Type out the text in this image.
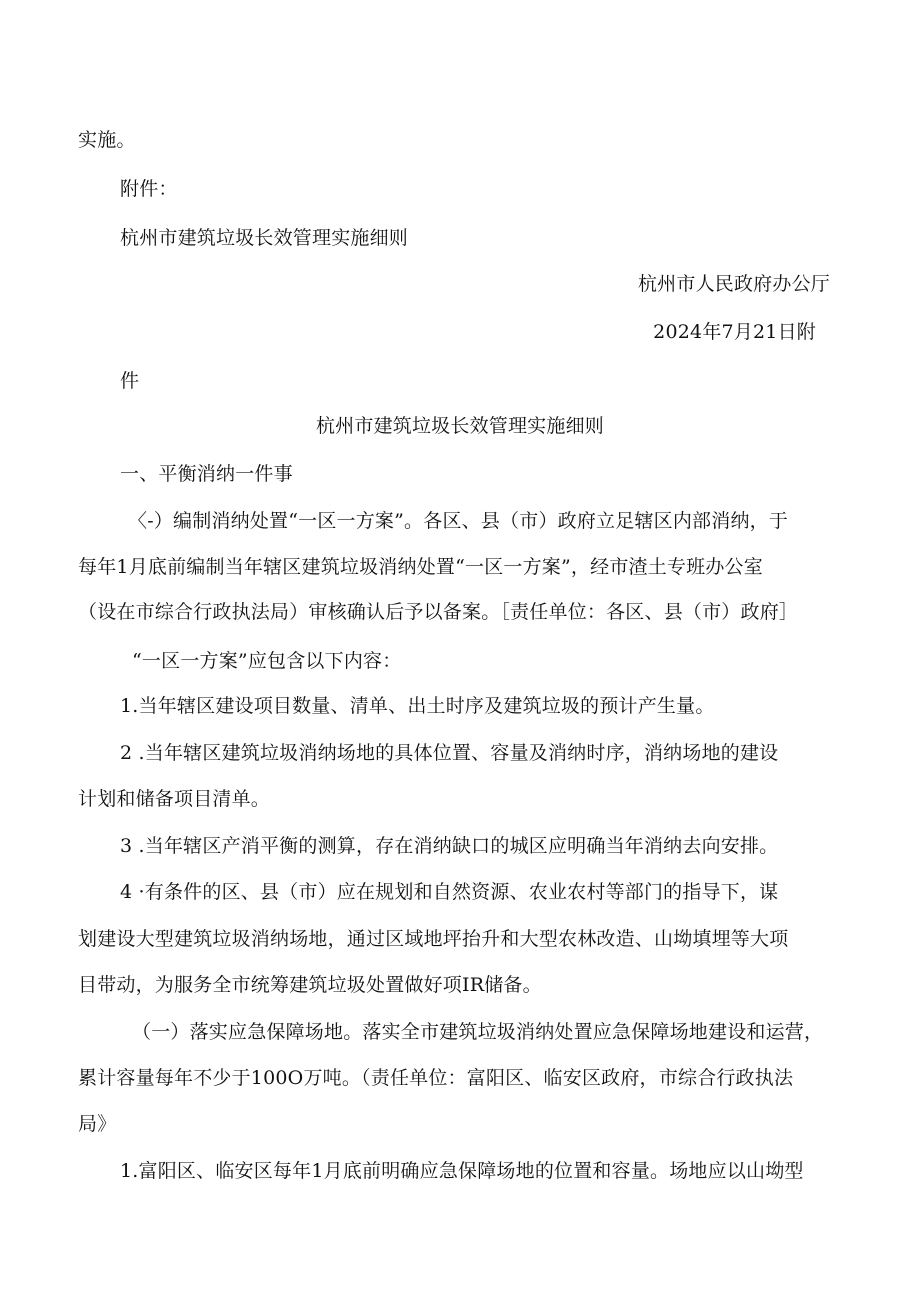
实施。
附件：
杭州市建筑垃圾长效管理实施细则
杭州市人民政府办公厅
2024年7月21日附
件
杭州市建筑垃圾长效管理实施细则
一、平衡消纳一件事
〈-）编制消纳处置“一区一方案”。各区、县（市）政府立足辖区内部消纳，于
每年1月底前编制当年辖区建筑垃圾消纳处置“一区一方案”，经市渣土专班办公室
（设在市综合行政执法局）审核确认后予以备案。［责任单位：各区、县（市）政府］
“一区一方案”应包含以下内容：
1.当年辖区建设项目数量、清单、出土时序及建筑垃圾的预计产生量。
2 .当年辖区建筑垃圾消纳场地的具体位置、容量及消纳时序，消纳场地的建设
计划和储备项目清单。
3 .当年辖区产消平衡的测算，存在消纳缺口的城区应明确当年消纳去向安排。
4 ·有条件的区、县（市）应在规划和自然资源、农业农村等部门的指导下，谋
划建设大型建筑垃圾消纳场地，通过区域地坪抬升和大型农林改造、山坳填埋等大项
目带动，为服务全市统筹建筑垃圾处置做好项IR储备。
（一）落实应急保障场地。落实全市建筑垃圾消纳处置应急保障场地建设和运营，
累计容量每年不少于100O万吨。（责任单位：富阳区、临安区政府，市综合行政执法
局》
1.富阳区、临安区每年1月底前明确应急保障场地的位置和容量。场地应以山坳型
